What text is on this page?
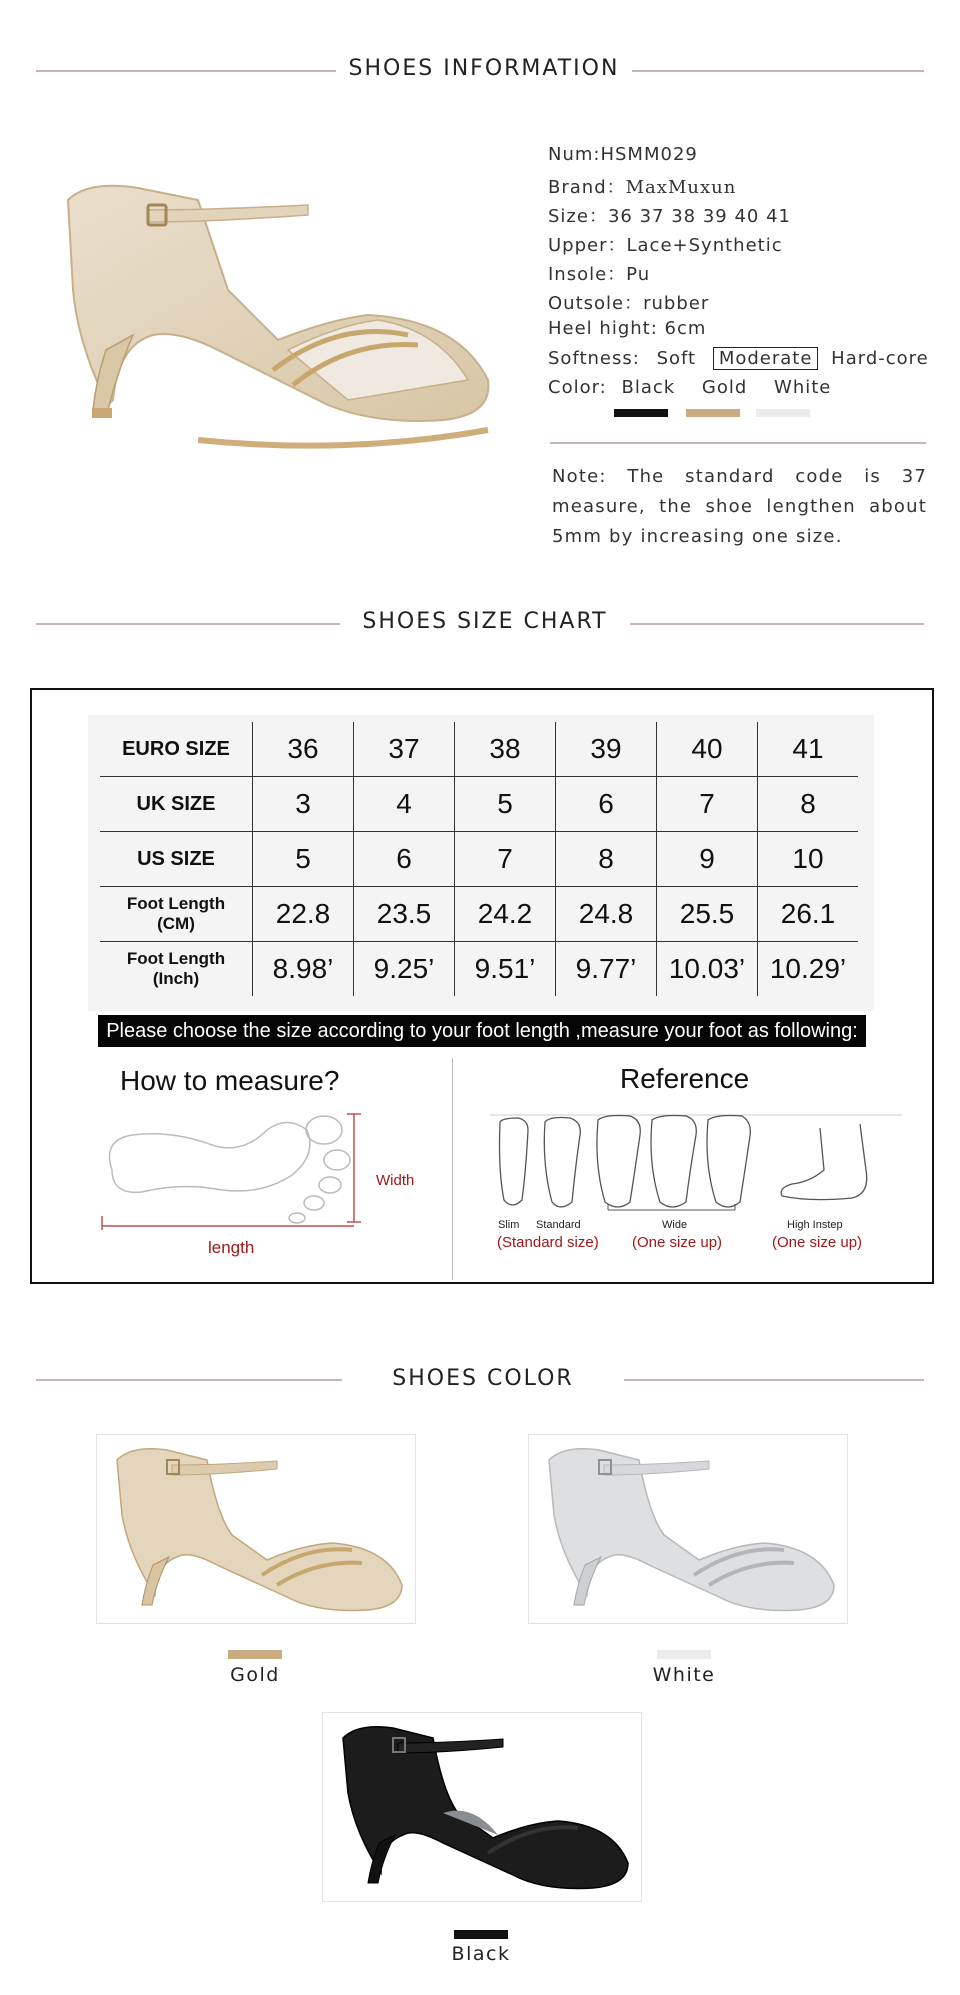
SHOES INFORMATION
Num:HSMM029
Brand：MaxMuxun
Size：36 37 38 39 40 41
Upper：Lace+Synthetic
Insole：Pu
Outsole：rubber
Heel hight: 6cm
Softness: Soft Moderate Hard-core
Color: Black Gold White
Note: The standard code is 37 measure, the shoe lengthen about 5mm by increasing one size.
SHOES SIZE CHART
EURO SIZE	36	37	38	39	40	41
UK SIZE	3	4	5	6	7	8
US SIZE	5	6	7	8	9	10

Foot Length
(CM)	22.8	23.5	24.2	24.8	25.5	26.1

Foot Length
(Inch)	8.98’	9.25’	9.51’	9.77’	10.03’	10.29’
Please choose the size according to your foot length ,measure your foot as following:
How to measure?
Width
length
Reference
Slim Standard	Wide	High Instep
(Standard size) (One size up)	(One size up)
SHOES COLOR
Gold	White
Black
